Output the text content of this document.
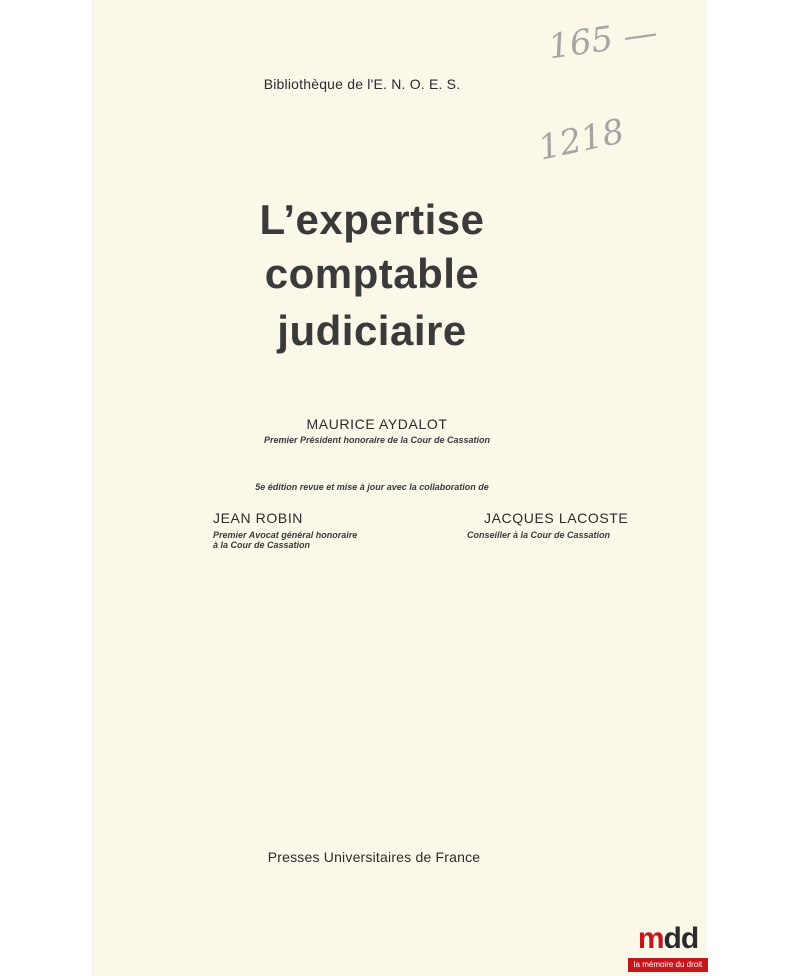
165 —
1218
Bibliothèque de l'E. N. O. E. S.
L’expertise
comptable
judiciaire
MAURICE AYDALOT
Premier Président honoraire de la Cour de Cassation
5e édition revue et mise à jour avec la collaboration de
JEAN ROBIN
Premier Avocat général honoraire
à la Cour de Cassation
JACQUES LACOSTE
Conseiller à la Cour de Cassation
Presses Universitaires de France
mdd
la mémoire du droit
